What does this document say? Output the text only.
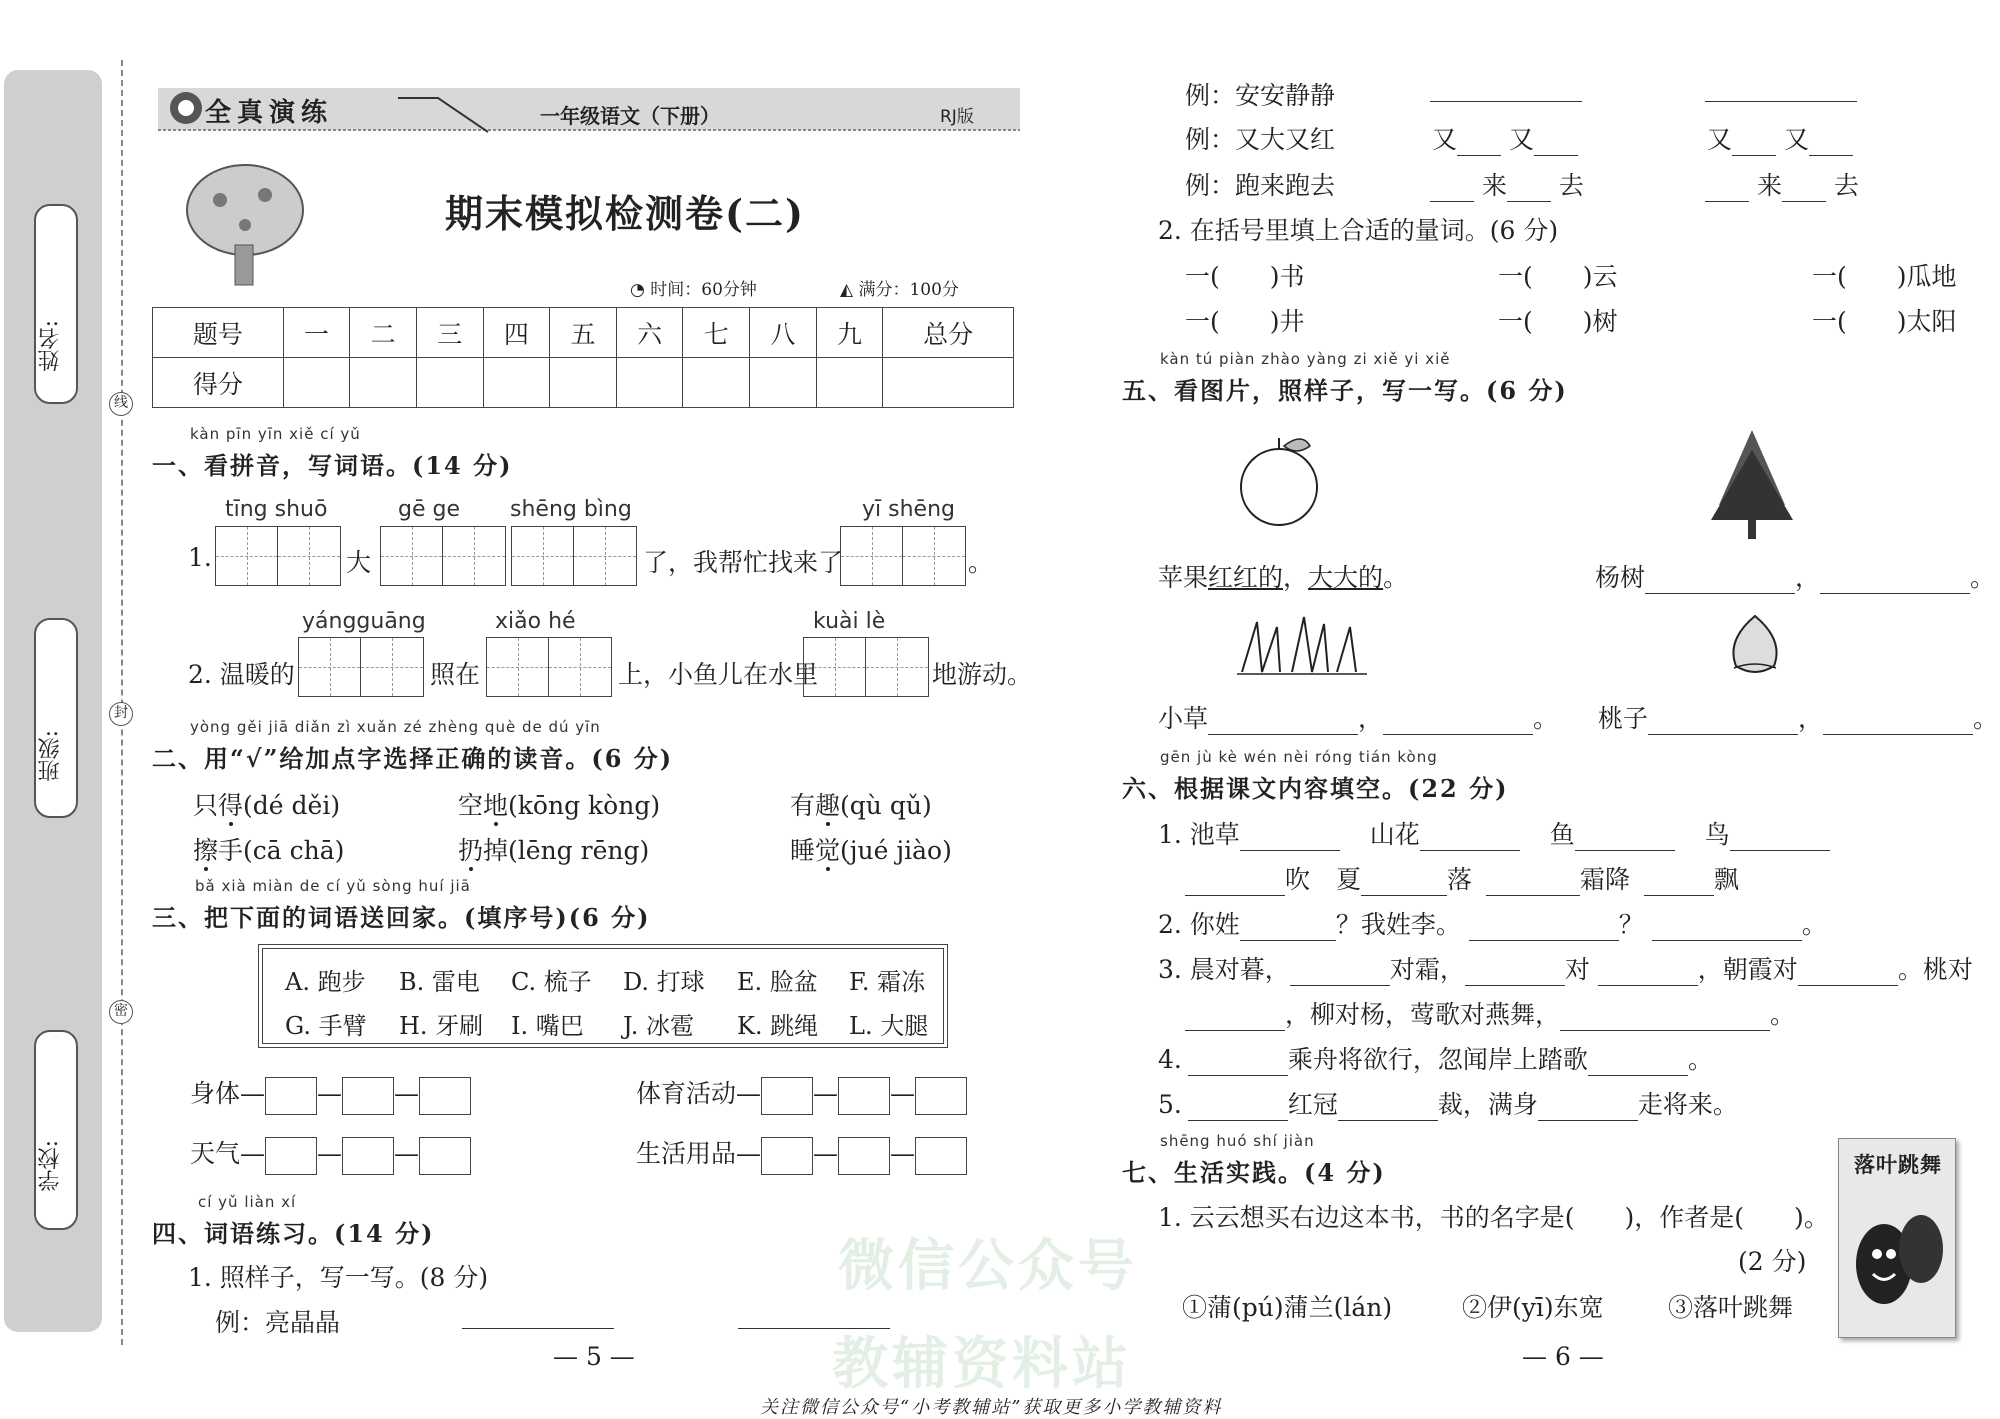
姓名:
班级:
学校:
线
封
密
全真演练	一年级语文（下册）	RJ版
期末模拟检测卷(二)
◔ 时间：60分钟	◭ 满分：100分
题号	一	二	三	四	五	六	七	八	九	总分
得分										
kàn pīn yīn xiě cí yǔ
一、看拼音，写词语。(14 分)
tīng shuō	gē ge shēng bìng	yī shēng
1.	大	了，我帮忙找来了	。
yángguāng	xiǎo hé	kuài lè
2. 温暖的	照在	上，小鱼儿在水里	地游动。
yòng gěi jiā diǎn zì xuǎn zé zhèng què de dú yīn
二、用“√”给加点字选择正确的读音。(6 分)
只得(dé děi)	空地(kōng kòng)	有趣(qù qǔ)
擦手(cā chā)	扔掉(lēng rēng)	睡觉(jué jiào)
bǎ xià miàn de cí yǔ sòng huí jiā
三、把下面的词语送回家。(填序号)(6 分)
A. 跑步 B. 雷电 C. 梳子 D. 打球 E. 脸盆 F. 霜冻
G. 手臂 H. 牙刷 I. 嘴巴 J. 冰雹 K. 跳绳 L. 大腿
身体— — —	体育活动— — —
天气— — —	生活用品— — —
cí yǔ liàn xí
四、词语练习。(14 分)
1. 照样子，写一写。(8 分)
例：亮晶晶
— 5 —
例：安安静静
例：又大又红	又 又	又 又
例：跑来跑去	来 去	来 去
2. 在括号里填上合适的量词。(6 分)
一(　　)书	一(　　)云	一(　　)瓜地
一(　　)井	一(　　)树	一(　　)太阳
kàn tú piàn zhào yàng zi xiě yi xiě
五、看图片，照样子，写一写。(6 分)
苹果红红的，大大的。	杨树	，	。
小草	，	。 桃子	，	。
gēn jù kè wén nèi róng tián kòng
六、根据课文内容填空。(22 分)
1. 池草	山花	鱼	鸟
吹 夏	落	霜降	飘
2. 你姓	？我姓李。	？	。
3. 晨对暮，	对霜，	对	，朝霞对	。桃对
，柳对杨，莺歌对燕舞，	。
4.	乘舟将欲行，忽闻岸上踏歌	。
5.	红冠	裁，满身	走将来。
shēng huó shí jiàn
七、生活实践。(4 分)
1. 云云想买右边这本书，书的名字是(　　)，作者是(　　)。
(2 分)
①蒲(pú)蒲兰(lán)	②伊(yī)东宽	③落叶跳舞
落叶跳舞
— 6 —
微信公众号
教辅资料站
关注微信公众号“小考教辅站”获取更多小学教辅资料
